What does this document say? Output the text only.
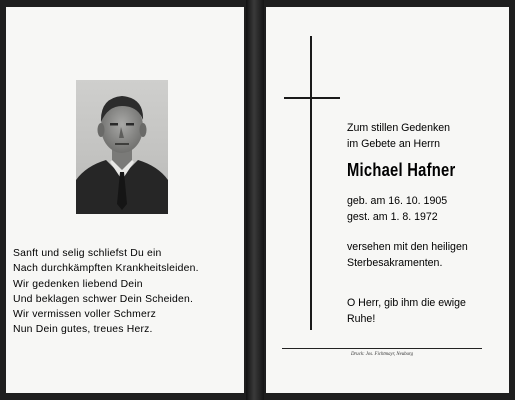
Sanft und selig schliefst Du ein
Nach durchkämpften Krankheitsleiden.
Wir gedenken liebend Dein
Und beklagen schwer Dein Scheiden.
Wir vermissen voller Schmerz
Nun Dein gutes, treues Herz.
Zum stillen Gedenken
im Gebete an Herrn
Michael Hafner
geb. am 16. 10. 1905
gest. am 1. 8. 1972
versehen mit den heiligen
Sterbesakramenten.
O Herr, gib ihm die ewige
Ruhe!
Druck: Jos. Fichtmayr, Neuburg
